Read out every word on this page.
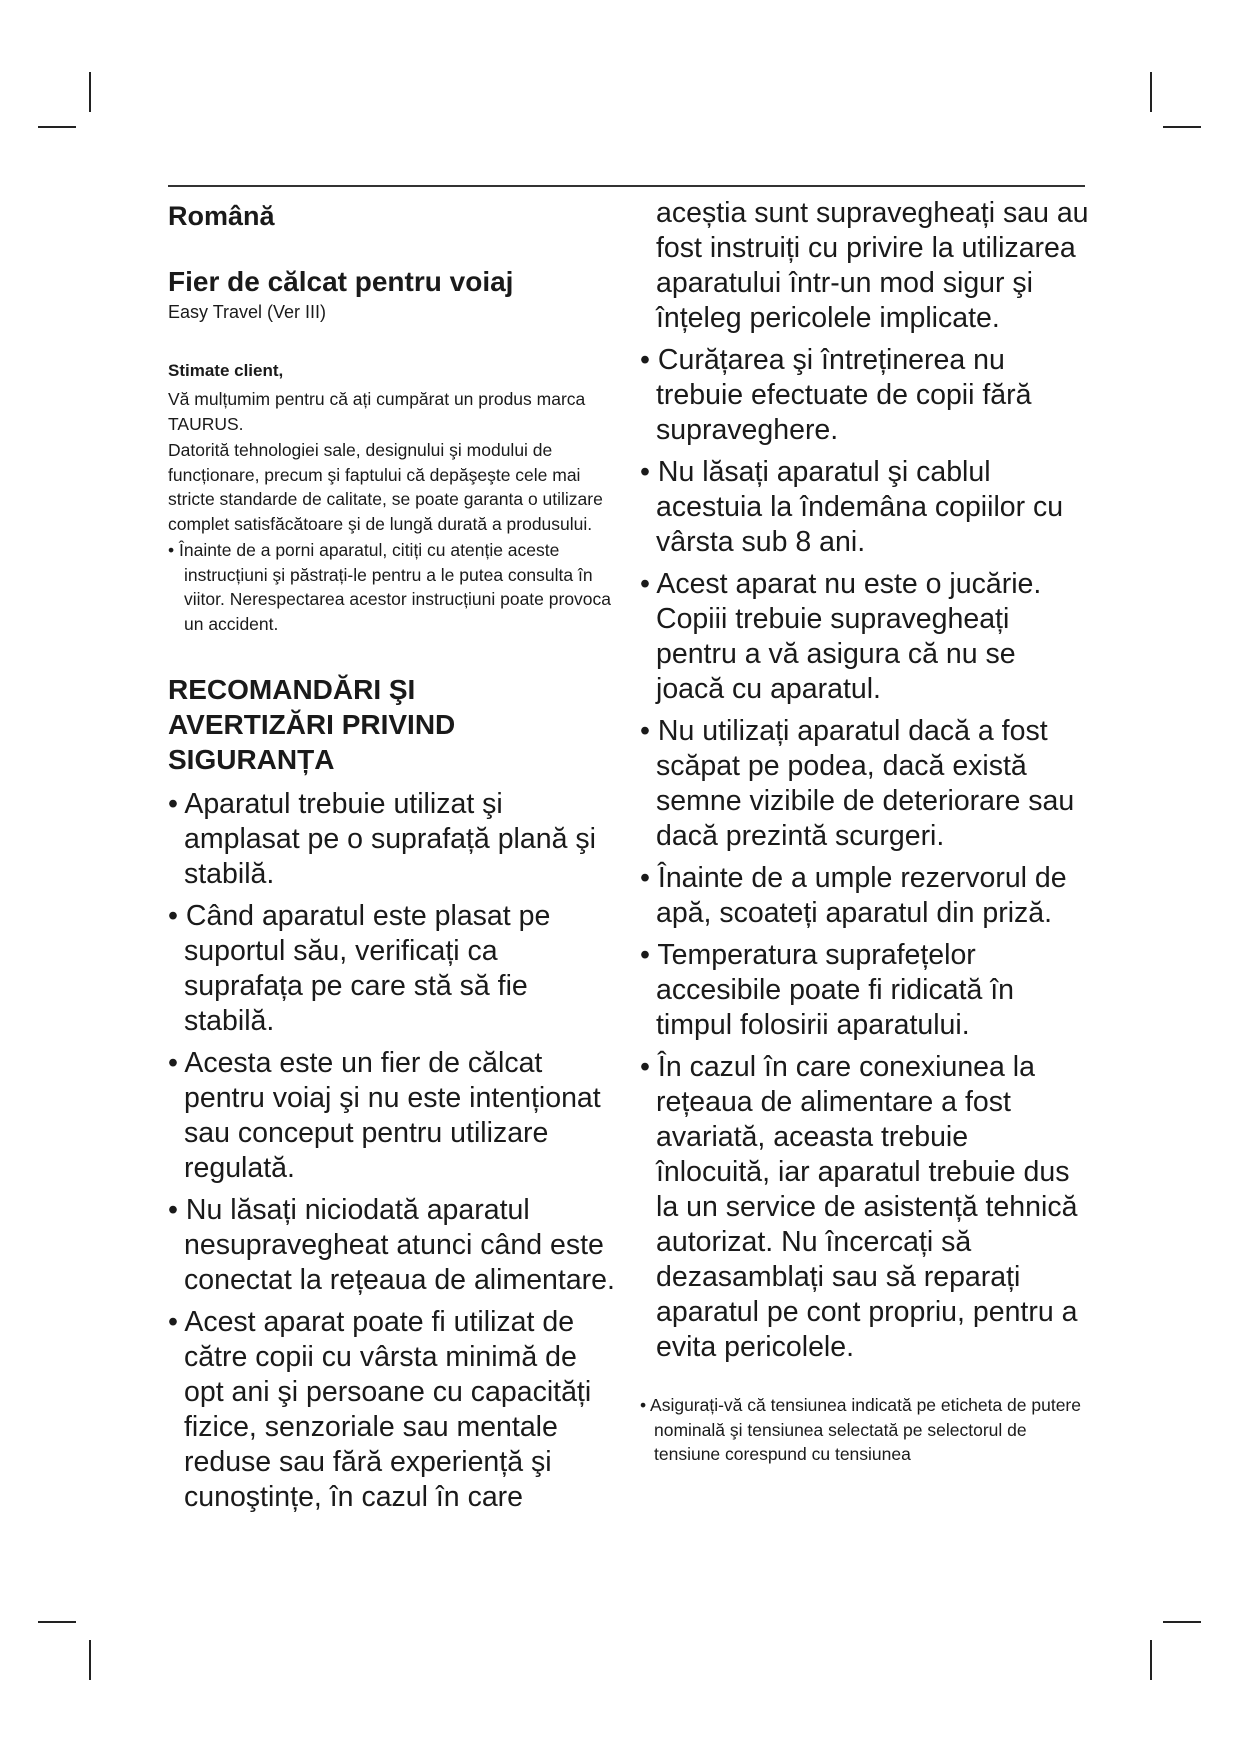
Română

Fier de călcat pentru voiaj

Easy Travel (Ver III)

Stimate client,

Vă mulțumim pentru că ați cumpărat un produs marca TAURUS.

Datorită tehnologiei sale, designului şi modului de funcționare, precum şi faptului că depăşeşte cele mai stricte standarde de calitate, se poate garanta o utilizare complet satisfăcătoare şi de lungă durată a produsului.

• Înainte de a porni aparatul, citiți cu atenție aceste instrucțiuni şi păstrați-le pentru a le putea consulta în viitor. Nerespectarea acestor instrucțiuni poate provoca un accident.

RECOMANDĂRI ŞI
AVERTIZĂRI PRIVIND
SIGURANȚA
• Aparatul trebuie utilizat şi amplasat pe o suprafață plană şi stabilă.
• Când aparatul este plasat pe suportul său, verificați ca suprafața pe care stă să fie stabilă.
• Acesta este un fier de călcat pentru voiaj şi nu este intenționat sau conceput pentru utilizare regulată.
• Nu lăsați niciodată aparatul nesupravegheat atunci când este conectat la rețeaua de alimentare.
• Acest aparat poate fi utilizat de către copii cu vârsta minimă de opt ani şi persoane cu capacități fizice, senzoriale sau mentale reduse sau fără experiență şi cunoştințe, în cazul în care
aceștia sunt supravegheați sau au fost instruiți cu privire la utilizarea aparatului într-un mod sigur şi înțeleg pericolele implicate.
• Curățarea şi întreținerea nu trebuie efectuate de copii fără supraveghere.
• Nu lăsați aparatul şi cablul acestuia la îndemâna copiilor cu vârsta sub 8 ani.
• Acest aparat nu este o jucărie. Copiii trebuie supravegheați pentru a vă asigura că nu se joacă cu aparatul.
• Nu utilizați aparatul dacă a fost scăpat pe podea, dacă există semne vizibile de deteriorare sau dacă prezintă scurgeri.
• Înainte de a umple rezervorul de apă, scoateți aparatul din priză.
• Temperatura suprafețelor accesibile poate fi ridicată în timpul folosirii aparatului.
• În cazul în care conexiunea la rețeaua de alimentare a fost avariată, aceasta trebuie înlocuită, iar aparatul trebuie dus la un service de asistență tehnică autorizat. Nu încercați să dezasamblați sau să reparați aparatul pe cont propriu, pentru a evita pericolele.

• Asigurați-vă că tensiunea indicată pe eticheta de putere nominală şi tensiunea selectată pe selectorul de tensiune corespund cu tensiunea
